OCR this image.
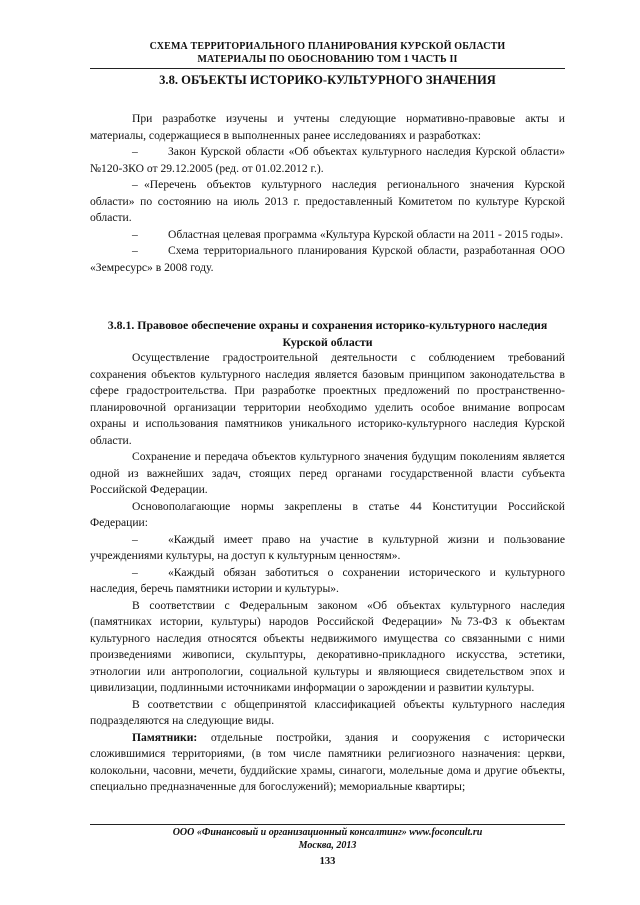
СХЕМА ТЕРРИТОРИАЛЬНОГО ПЛАНИРОВАНИЯ КУРСКОЙ ОБЛАСТИ
МАТЕРИАЛЫ ПО ОБОСНОВАНИЮ ТОМ 1 ЧАСТЬ II
3.8. ОБЪЕКТЫ ИСТОРИКО-КУЛЬТУРНОГО ЗНАЧЕНИЯ

При разработке изучены и учтены следующие нормативно-правовые акты и материалы, содержащиеся в выполненных ранее исследованиях и разработках:

–	Закон Курской области «Об объектах культурного наследия Курской области» №120-ЗКО от 29.12.2005 (ред. от 01.02.2012 г.).

– «Перечень объектов культурного наследия регионального значения Курской области» по состоянию на июль 2013 г. предоставленный Комитетом по культуре Курской области.

–	Областная целевая программа «Культура Курской области на 2011 - 2015 годы».

–	Схема территориального планирования Курской области, разработанная ООО «Земресурс» в 2008 году.

3.8.1. Правовое обеспечение охраны и сохранения историко-культурного наследия
Курской области

Осуществление градостроительной деятельности с соблюдением требований сохранения объектов культурного наследия является базовым принципом законодательства в сфере градостроительства. При разработке проектных предложений по пространственно-планировочной организации территории необходимо уделить особое внимание вопросам охраны и использования памятников уникального историко-культурного наследия Курской области.

Сохранение и передача объектов культурного значения будущим поколениям является одной из важнейших задач, стоящих перед органами государственной власти субъекта Российской Федерации.

Основополагающие нормы закреплены в статье 44 Конституции Российской Федерации:

–	«Каждый имеет право на участие в культурной жизни и пользование учреждениями культуры, на доступ к культурным ценностям».

–	«Каждый обязан заботиться о сохранении исторического и культурного наследия, беречь памятники истории и культуры».

В соответствии с Федеральным законом «Об объектах культурного наследия (памятниках истории, культуры) народов Российской Федерации» №73-ФЗ к объектам культурного наследия относятся объекты недвижимого имущества со связанными с ними произведениями живописи, скульптуры, декоративно-прикладного искусства, эстетики, этнологии или антропологии, социальной культуры и являющиеся свидетельством эпох и цивилизации, подлинными источниками информации о зарождении и развитии культуры.

В соответствии с общепринятой классификацией объекты культурного наследия подразделяются на следующие виды.

Памятники: отдельные постройки, здания и сооружения с исторически сложившимися территориями, (в том числе памятники религиозного назначения: церкви, колокольни, часовни, мечети, буддийские храмы, синагоги, молельные дома и другие объекты, специально предназначенные для богослужений); мемориальные квартиры;

ООО «Финансовый и организационный консалтинг» www.foconcult.ru
Москва, 2013
133
